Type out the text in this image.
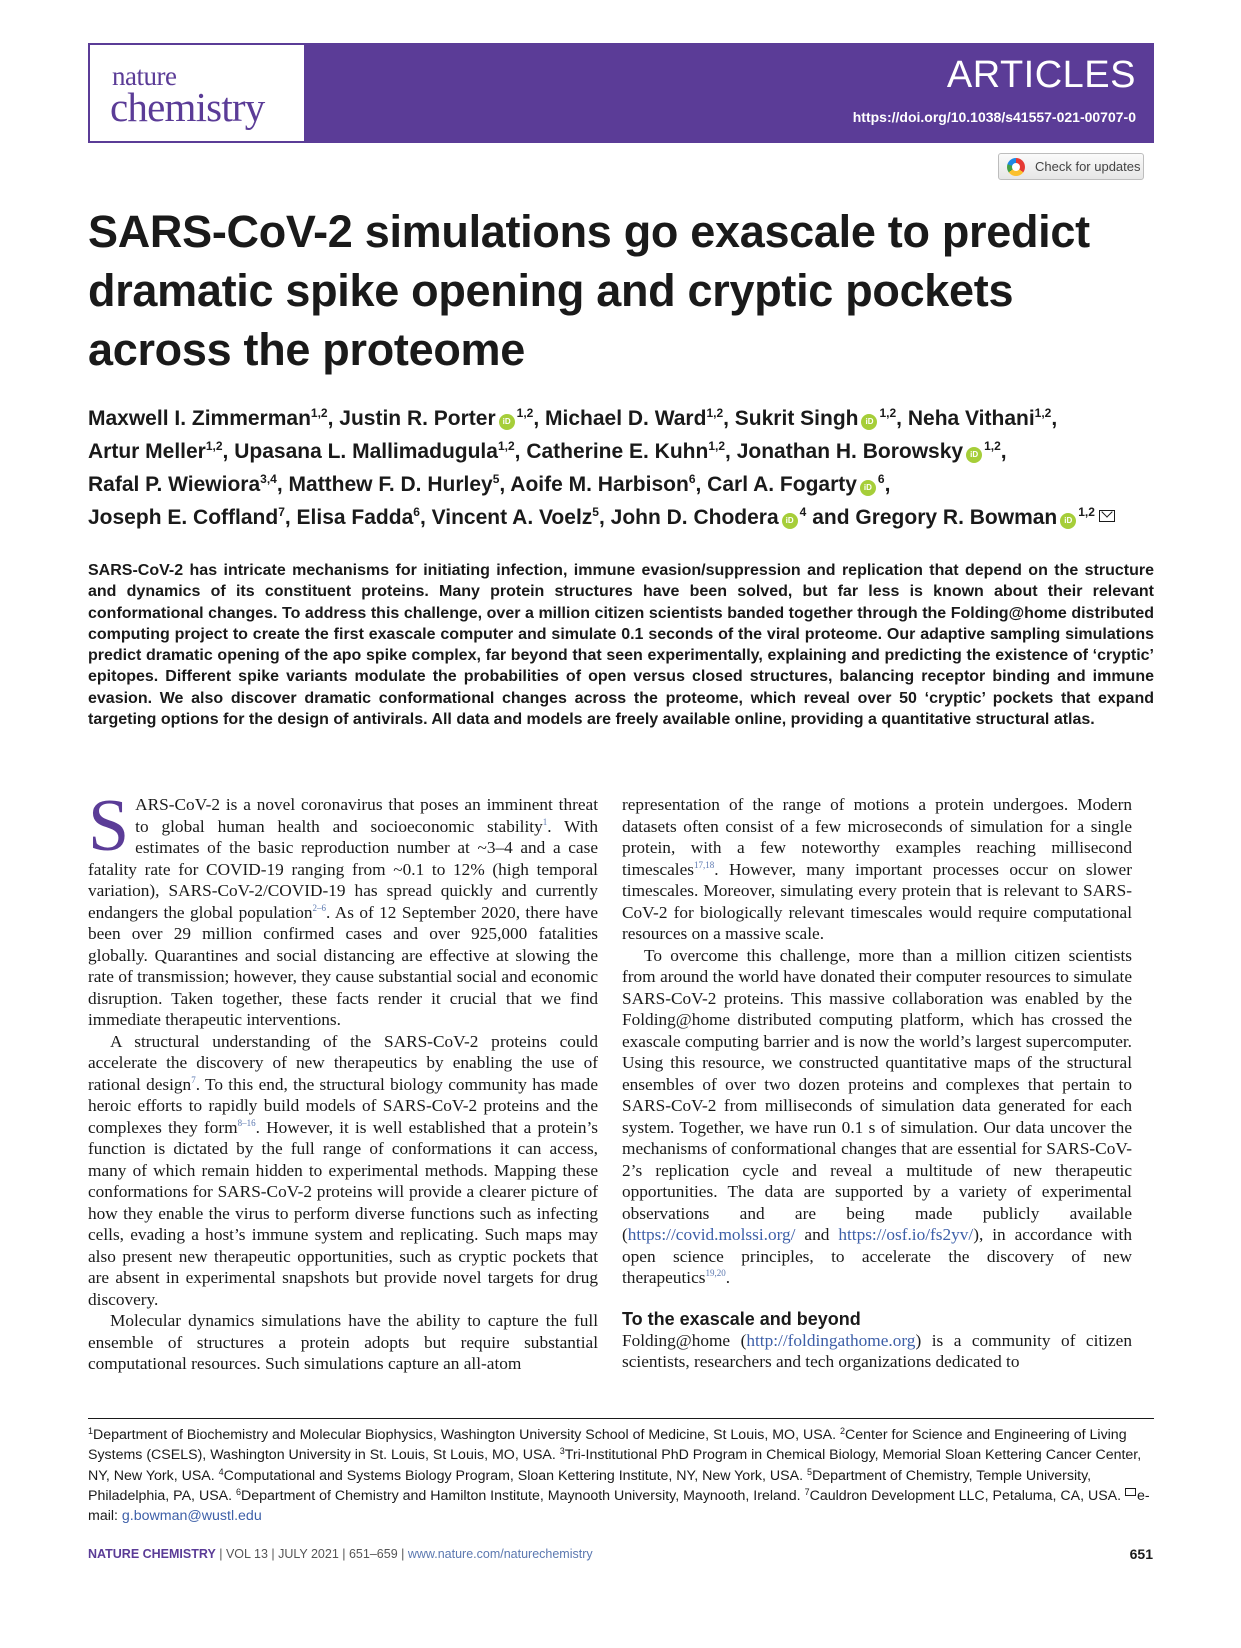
nature
chemistry
ARTICLES
https://doi.org/10.1038/s41557-021-00707-0
Check for updates
SARS-CoV-2 simulations go exascale to predict dramatic spike opening and cryptic pockets across the proteome
Maxwell I. Zimmerman$^{1,2}$, Justin R. Porter iD$^{1,2}$, Michael D. Ward$^{1,2}$, Sukrit Singh iD$^{1,2}$, Neha Vithani$^{1,2}$,
Artur Meller$^{1,2}$, Upasana L. Mallimadugula$^{1,2}$, Catherine E. Kuhn$^{1,2}$, Jonathan H. Borowsky iD$^{1,2}$,
Rafal P. Wiewiora$^{3,4}$, Matthew F. D. Hurley$^5$, Aoife M. Harbison$^6$, Carl A. Fogarty $iD^6$,
Joseph E. Coffland$^7$, Elisa Fadda$^6$, Vincent A. Voelz$^5$, John D. Chodera $iD^4$ and Gregory R. Bowman iD$^{1,2}$

SARS-CoV-2 has intricate mechanisms for initiating infection, immune evasion/suppression and replication that depend on the structure and dynamics of its constituent proteins. Many protein structures have been solved, but far less is known about their relevant conformational changes. To address this challenge, over a million citizen scientists banded together through the Folding@home distributed computing project to create the first exascale computer and simulate 0.1 seconds of the viral proteome. Our adaptive sampling simulations predict dramatic opening of the apo spike complex, far beyond that seen experimentally, explaining and predicting the existence of ‘cryptic’ epitopes. Different spike variants modulate the probabilities of open versus closed structures, balancing receptor binding and immune evasion. We also discover dramatic conformational changes across the proteome, which reveal over 50 ‘cryptic’ pockets that expand targeting options for the design of antivirals. All data and models are freely available online, providing a quantitative structural atlas.

SARS-CoV-2 is a novel coronavirus that poses an imminent threat to global human health and socioeconomic stability$^1$. With estimates of the basic reproduction number at ~3–4 and a case fatality rate for COVID-19 ranging from ~0.1 to 12% (high temporal variation), SARS-CoV-2/COVID-19 has spread quickly and currently endangers the global population$^{2-6}$. As of 12 September 2020, there have been over 29 million confirmed cases and over 925,000 fatalities globally. Quarantines and social distancing are effective at slowing the rate of transmission; however, they cause substantial social and economic disruption. Taken together, these facts render it crucial that we find immediate therapeutic interventions.

A structural understanding of the SARS-CoV-2 proteins could accelerate the discovery of new therapeutics by enabling the use of rational design$^7$. To this end, the structural biology community has made heroic efforts to rapidly build models of SARS-CoV-2 proteins and the complexes they form$^{8-16}$. However, it is well established that a protein’s function is dictated by the full range of conformations it can access, many of which remain hidden to experimental methods. Mapping these conformations for SARS-CoV-2 proteins will provide a clearer picture of how they enable the virus to perform diverse functions such as infecting cells, evading a host’s immune system and replicating. Such maps may also present new therapeutic opportunities, such as cryptic pockets that are absent in experimental snapshots but provide novel targets for drug discovery.

Molecular dynamics simulations have the ability to capture the full ensemble of structures a protein adopts but require substantial computational resources. Such simulations capture an all-atom

representation of the range of motions a protein undergoes. Modern datasets often consist of a few microseconds of simulation for a single protein, with a few noteworthy examples reaching millisecond timescales$^{17,18}$. However, many important processes occur on slower timescales. Moreover, simulating every protein that is relevant to SARS-CoV-2 for biologically relevant timescales would require computational resources on a massive scale.

To overcome this challenge, more than a million citizen scientists from around the world have donated their computer resources to simulate SARS-CoV-2 proteins. This massive collaboration was enabled by the Folding@home distributed computing platform, which has crossed the exascale computing barrier and is now the world’s largest supercomputer. Using this resource, we constructed quantitative maps of the structural ensembles of over two dozen proteins and complexes that pertain to SARS-CoV-2 from milliseconds of simulation data generated for each system. Together, we have run 0.1 s of simulation. Our data uncover the mechanisms of conformational changes that are essential for SARS-CoV-2’s replication cycle and reveal a multitude of new therapeutic opportunities. The data are supported by a variety of experimental observations and are being made publicly available (https://covid.molssi.org/ and https://osf.io/fs2yv/), in accordance with open science principles, to accelerate the discovery of new therapeutics$^{19,20}$.

To the exascale and beyond

Folding@home (http://foldingathome.org) is a community of citizen scientists, researchers and tech organizations dedicated to

$^1$Department of Biochemistry and Molecular Biophysics, Washington University School of Medicine, St Louis, MO, USA. $^2$Center for Science and Engineering of Living Systems (CSELS), Washington University in St. Louis, St Louis, MO, USA. $^3$Tri-Institutional PhD Program in Chemical Biology, Memorial Sloan Kettering Cancer Center, NY, New York, USA. $^4$Computational and Systems Biology Program, Sloan Kettering Institute, NY, New York, USA. $^5$Department of Chemistry, Temple University, Philadelphia, PA, USA. $^6$Department of Chemistry and Hamilton Institute, Maynooth University, Maynooth, Ireland. $^7$Cauldron Development LLC, Petaluma, CA, USA. e-mail: g.bowman@wustl.edu
NATURE CHEMISTRY | VOL 13 | JULY 2021 | 651–659 | www.nature.com/naturechemistry	651
